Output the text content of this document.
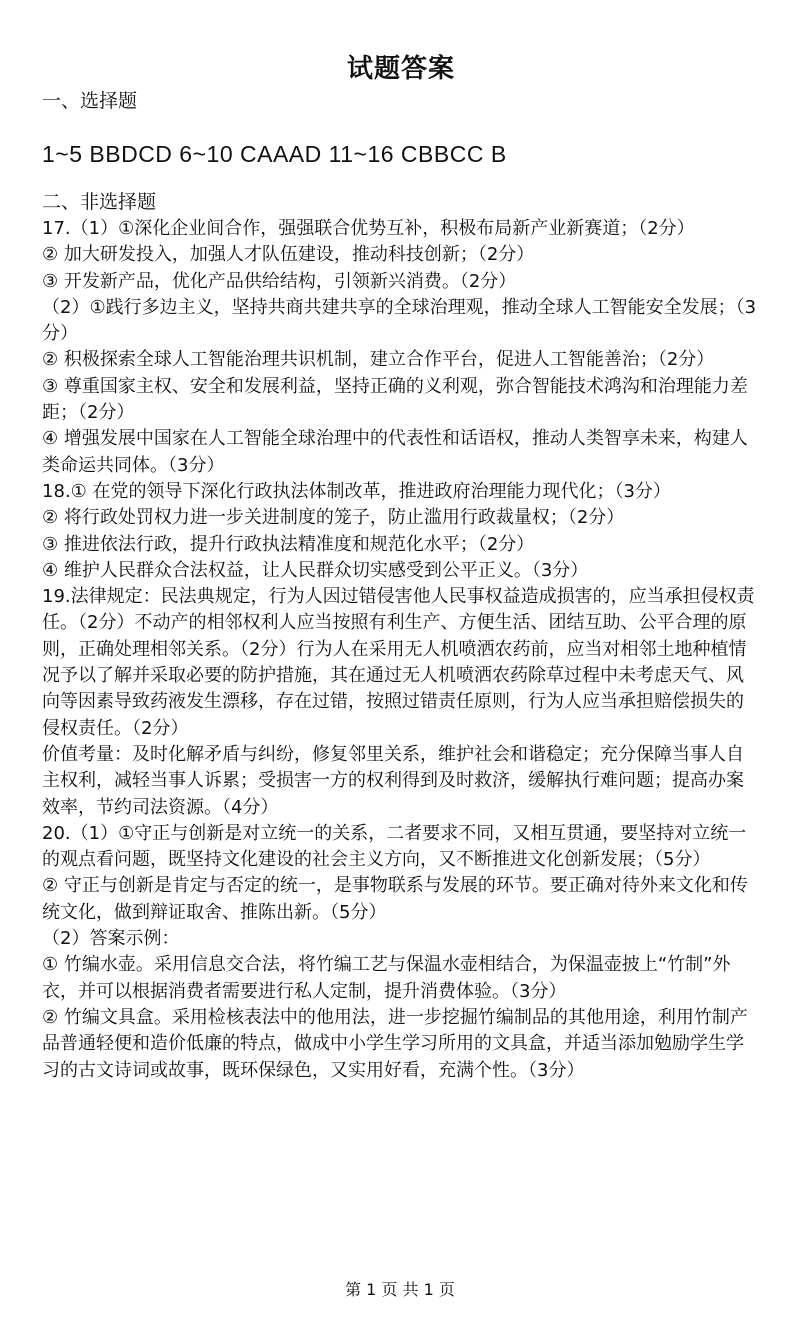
试题答案
一、选择题
1~5 BBDCD 6~10 CAAAD 11~16 CBBCC B
二、非选择题

17.（1）①深化企业间合作，强强联合优势互补，积极布局新产业新赛道；（2分）

② 加大研发投入，加强人才队伍建设，推动科技创新；（2分）

③ 开发新产品，优化产品供给结构，引领新兴消费。（2分）

（2）①践行多边主义，坚持共商共建共享的全球治理观，推动全球人工智能安全发展；（3分）

② 积极探索全球人工智能治理共识机制，建立合作平台，促进人工智能善治；（2分）

③ 尊重国家主权、安全和发展利益，坚持正确的义利观，弥合智能技术鸿沟和治理能力差距；（2分）

④ 增强发展中国家在人工智能全球治理中的代表性和话语权，推动人类智享未来，构建人类命运共同体。（3分）

18.① 在党的领导下深化行政执法体制改革，推进政府治理能力现代化；（3分）

② 将行政处罚权力进一步关进制度的笼子，防止滥用行政裁量权；（2分）

③ 推进依法行政，提升行政执法精准度和规范化水平；（2分）

④ 维护人民群众合法权益，让人民群众切实感受到公平正义。（3分）

19.法律规定：民法典规定，行为人因过错侵害他人民事权益造成损害的，应当承担侵权责任。（2分）不动产的相邻权利人应当按照有利生产、方便生活、团结互助、公平合理的原则，正确处理相邻关系。（2分）行为人在采用无人机喷洒农药前，应当对相邻土地种植情况予以了解并采取必要的防护措施，其在通过无人机喷洒农药除草过程中未考虑天气、风向等因素导致药液发生漂移，存在过错，按照过错责任原则，行为人应当承担赔偿损失的侵权责任。（2分）

价值考量：及时化解矛盾与纠纷，修复邻里关系，维护社会和谐稳定；充分保障当事人自主权利，减轻当事人诉累；受损害一方的权利得到及时救济，缓解执行难问题；提高办案效率，节约司法资源。（4分）

20.（1）①守正与创新是对立统一的关系，二者要求不同，又相互贯通，要坚持对立统一的观点看问题，既坚持文化建设的社会主义方向，又不断推进文化创新发展；（5分）

② 守正与创新是肯定与否定的统一，是事物联系与发展的环节。要正确对待外来文化和传统文化，做到辩证取舍、推陈出新。（5分）

（2）答案示例：

① 竹编水壶。采用信息交合法，将竹编工艺与保温水壶相结合，为保温壶披上“竹制”外衣，并可以根据消费者需要进行私人定制，提升消费体验。（3分）

② 竹编文具盒。采用检核表法中的他用法，进一步挖掘竹编制品的其他用途，利用竹制产品普通轻便和造价低廉的特点，做成中小学生学习所用的文具盒，并适当添加勉励学生学习的古文诗词或故事，既环保绿色，又实用好看，充满个性。（3分）

第 1 页 共 1 页
